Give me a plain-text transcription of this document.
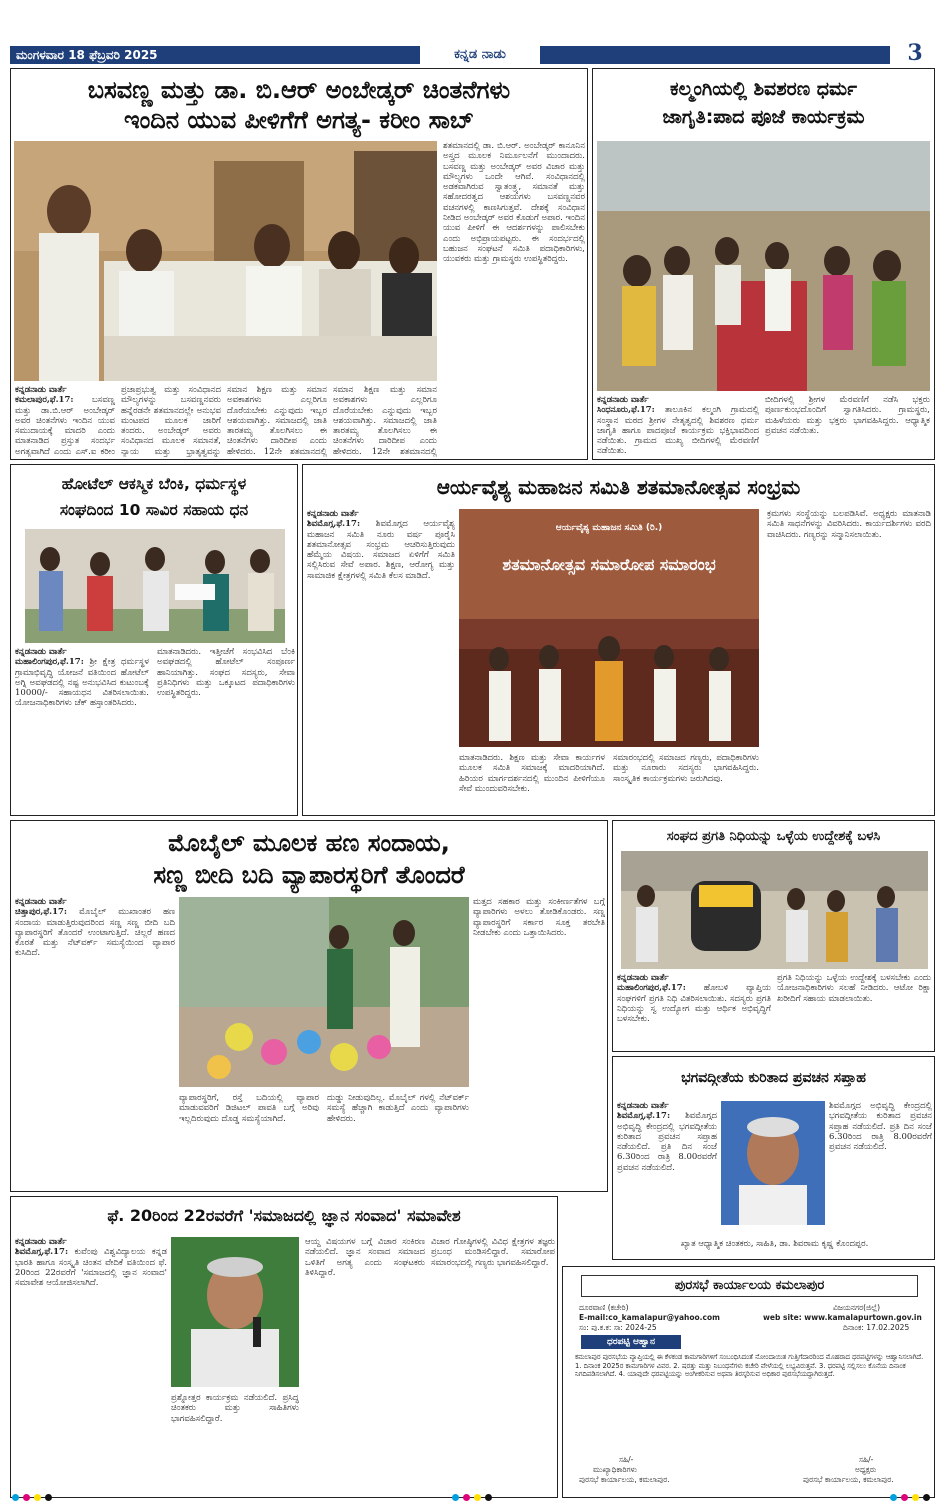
ಮಂಗಳವಾರ 18 ಫೆಬ್ರವರಿ 2025	ಕನ್ನಡ ನಾಡು	3
ಬಸವಣ್ಣ ಮತ್ತು ಡಾ. ಬಿ.ಆರ್ ಅಂಬೇಡ್ಕರ್ ಚಿಂತನೆಗಳು
ಇಂದಿನ ಯುವ ಪೀಳಿಗೆಗೆ ಅಗತ್ಯ- ಕರೀಂ ಸಾಬ್
ಕನ್ನಡನಾಡು ವಾರ್ತೆ
ಕಮಲಾಪುರ,ಫೆ.17: ಬಸವಣ್ಣ ಮತ್ತು ಡಾ.ಬಿ.ಆರ್ ಅಂಬೇಡ್ಕರ್ ಅವರ ಚಿಂತನೆಗಳು ಇಂದಿನ ಯುವ ಸಮುದಾಯಕ್ಕೆ ಮಾದರಿ ಎಂದು ಮಾತನಾಡಿದ ಪ್ರಸ್ತುತ ಸಂದರ್ಭ ಅಗತ್ಯವಾಗಿದೆ ಎಂದು ಎಸ್.ಐ ಕರೀಂ
ಪ್ರಜಾಪ್ರಭುತ್ವ ಮತ್ತು ಸಂವಿಧಾನದ ಮೌಲ್ಯಗಳನ್ನು ಬಸವಣ್ಣನವರು ಹನ್ನೆರಡನೇ ಶತಮಾನದಲ್ಲೇ ಅನುಭವ ಮಂಟಪದ ಮೂಲಕ ಜಾರಿಗೆ ತಂದರು. ಅಂಬೇಡ್ಕರ್ ಅವರು ಸಂವಿಧಾನದ ಮೂಲಕ ಸಮಾನತೆ, ನ್ಯಾಯ ಮತ್ತು ಭ್ರಾತೃತ್ವವನ್ನು
ಸಮಾನ ಶಿಕ್ಷಣ ಮತ್ತು ಸಮಾನ ಅವಕಾಶಗಳು ಎಲ್ಲರಿಗೂ ದೊರೆಯಬೇಕು ಎನ್ನುವುದು ಇಬ್ಬರ ಆಶಯವಾಗಿತ್ತು. ಸಮಾಜದಲ್ಲಿ ಜಾತಿ ತಾರತಮ್ಯ ತೊಲಗಿಸಲು ಈ ಚಿಂತನೆಗಳು ದಾರಿದೀಪ ಎಂದು ಹೇಳಿದರು. 12ನೇ ಶತಮಾನದಲ್ಲಿ
ಸಮಾನ ಶಿಕ್ಷಣ ಮತ್ತು ಸಮಾನ ಅವಕಾಶಗಳು ಎಲ್ಲರಿಗೂ ದೊರೆಯಬೇಕು ಎನ್ನುವುದು ಇಬ್ಬರ ಆಶಯವಾಗಿತ್ತು. ಸಮಾಜದಲ್ಲಿ ಜಾತಿ ತಾರತಮ್ಯ ತೊಲಗಿಸಲು ಈ ಚಿಂತನೆಗಳು ದಾರಿದೀಪ ಎಂದು ಹೇಳಿದರು. 12ನೇ ಶತಮಾನದಲ್ಲಿ
ಶತಮಾನದಲ್ಲಿ ಡಾ. ಬಿ.ಆರ್. ಅಂಬೇಡ್ಕರ್ ಕಾನೂನಿನ ಅಸ್ತ್ರದ ಮೂಲಕ ನಿರ್ಮೂಲನೆಗೆ ಮುಂದಾದರು. ಬಸವಣ್ಣ ಮತ್ತು ಅಂಬೇಡ್ಕರ್ ಅವರ ವಿಚಾರ ಮತ್ತು ಮೌಲ್ಯಗಳು ಒಂದೇ ಆಗಿವೆ. ಸಂವಿಧಾನದಲ್ಲಿ ಅಡಕವಾಗಿರುವ ಸ್ವಾತಂತ್ರ್ಯ, ಸಮಾನತೆ ಮತ್ತು ಸಹೋದರತ್ವದ ಆಶಯಗಳು ಬಸವಣ್ಣನವರ ವಚನಗಳಲ್ಲಿ ಕಾಣಸಿಗುತ್ತವೆ. ದೇಶಕ್ಕೆ ಸಂವಿಧಾನ ನೀಡಿದ ಅಂಬೇಡ್ಕರ್ ಅವರ ಕೊಡುಗೆ ಅಪಾರ. ಇಂದಿನ ಯುವ ಪೀಳಿಗೆ ಈ ಆದರ್ಶಗಳನ್ನು ಪಾಲಿಸಬೇಕು ಎಂದು ಅಭಿಪ್ರಾಯಪಟ್ಟರು. ಈ ಸಂದರ್ಭದಲ್ಲಿ ಬಹುಜನ ಸಂಘಟನೆ ಸಮಿತಿ ಪದಾಧಿಕಾರಿಗಳು, ಯುವಕರು ಮತ್ತು ಗ್ರಾಮಸ್ಥರು ಉಪಸ್ಥಿತರಿದ್ದರು.
ಕಲ್ಮಂಗಿಯಲ್ಲಿ ಶಿವಶರಣ ಧರ್ಮ
ಜಾಗೃತಿ:ಪಾದ ಪೂಜೆ ಕಾರ್ಯಕ್ರಮ
ಕನ್ನಡನಾಡು ವಾರ್ತೆ
ಸಿಂಧನೂರು,ಫೆ.17: ತಾಲೂಕಿನ ಕಲ್ಮಂಗಿ ಗ್ರಾಮದಲ್ಲಿ ಸಂಸ್ಥಾನ ಮಠದ ಶ್ರೀಗಳ ನೇತೃತ್ವದಲ್ಲಿ ಶಿವಶರಣ ಧರ್ಮ ಜಾಗೃತಿ ಹಾಗೂ ಪಾದಪೂಜೆ ಕಾರ್ಯಕ್ರಮ ಭಕ್ತಿಭಾವದಿಂದ ನಡೆಯಿತು. ಗ್ರಾಮದ ಮುಖ್ಯ ಬೀದಿಗಳಲ್ಲಿ ಮೆರವಣಿಗೆ ನಡೆಯಿತು.
ಬೀದಿಗಳಲ್ಲಿ ಶ್ರೀಗಳ ಮೆರವಣಿಗೆ ನಡೆಸಿ ಭಕ್ತರು ಪೂರ್ಣಕುಂಭದೊಂದಿಗೆ ಸ್ವಾಗತಿಸಿದರು. ಗ್ರಾಮಸ್ಥರು, ಮಹಿಳೆಯರು ಮತ್ತು ಭಕ್ತರು ಭಾಗವಹಿಸಿದ್ದರು. ಆಧ್ಯಾತ್ಮಿಕ ಪ್ರವಚನ ನಡೆಯಿತು.
ಹೋಟೆಲ್ ಆಕಸ್ಮಿಕ ಬೆಂಕಿ, ಧರ್ಮಸ್ಥಳ
ಸಂಘದಿಂದ 10 ಸಾವಿರ ಸಹಾಯ ಧನ
ಕನ್ನಡನಾಡು ವಾರ್ತೆ
ಮಹಾಲಿಂಗಪುರ,ಫೆ.17: ಶ್ರೀ ಕ್ಷೇತ್ರ ಧರ್ಮಸ್ಥಳ ಗ್ರಾಮಾಭಿವೃದ್ಧಿ ಯೋಜನೆ ವತಿಯಿಂದ ಹೋಟೆಲ್ ಅಗ್ನಿ ಅವಘಡದಲ್ಲಿ ನಷ್ಟ ಅನುಭವಿಸಿದ ಕುಟುಂಬಕ್ಕೆ 10000/- ಸಹಾಯಧನ ವಿತರಿಸಲಾಯಿತು. ಯೋಜನಾಧಿಕಾರಿಗಳು ಚೆಕ್ ಹಸ್ತಾಂತರಿಸಿದರು.
ಮಾತನಾಡಿದರು. ಇತ್ತೀಚೆಗೆ ಸಂಭವಿಸಿದ ಬೆಂಕಿ ಅವಘಡದಲ್ಲಿ ಹೋಟೆಲ್ ಸಂಪೂರ್ಣ ಹಾನಿಯಾಗಿತ್ತು. ಸಂಘದ ಸದಸ್ಯರು, ಸೇವಾ ಪ್ರತಿನಿಧಿಗಳು ಮತ್ತು ಒಕ್ಕೂಟದ ಪದಾಧಿಕಾರಿಗಳು ಉಪಸ್ಥಿತರಿದ್ದರು.
ಆರ್ಯವೈಶ್ಯ ಮಹಾಜನ ಸಮಿತಿ ಶತಮಾನೋತ್ಸವ ಸಂಭ್ರಮ
ಕನ್ನಡನಾಡು ವಾರ್ತೆ
ಶಿವಮೊಗ್ಗ,ಫೆ.17: ಶಿವಮೊಗ್ಗದ ಆರ್ಯವೈಶ್ಯ ಮಹಾಜನ ಸಮಿತಿ ನೂರು ವರ್ಷ ಪೂರೈಸಿ ಶತಮಾನೋತ್ಸವ ಸಂಭ್ರಮ ಆಚರಿಸುತ್ತಿರುವುದು ಹೆಮ್ಮೆಯ ವಿಷಯ. ಸಮಾಜದ ಏಳಿಗೆಗೆ ಸಮಿತಿ ಸಲ್ಲಿಸಿರುವ ಸೇವೆ ಅಪಾರ. ಶಿಕ್ಷಣ, ಆರೋಗ್ಯ ಮತ್ತು ಸಾಮಾಜಿಕ ಕ್ಷೇತ್ರಗಳಲ್ಲಿ ಸಮಿತಿ ಕೆಲಸ ಮಾಡಿದೆ.
ಆರ್ಯವೈಶ್ಯ ಮಹಾಜನ ಸಮಿತಿ (ರಿ.)
ಶತಮಾನೋತ್ಸವ ಸಮಾರೋಪ ಸಮಾರಂಭ
ಮಾತನಾಡಿದರು. ಶಿಕ್ಷಣ ಮತ್ತು ಸೇವಾ ಕಾರ್ಯಗಳ ಮೂಲಕ ಸಮಿತಿ ಸಮಾಜಕ್ಕೆ ಮಾದರಿಯಾಗಿದೆ. ಹಿರಿಯರ ಮಾರ್ಗದರ್ಶನದಲ್ಲಿ ಮುಂದಿನ ಪೀಳಿಗೆಯೂ ಸೇವೆ ಮುಂದುವರಿಸಬೇಕು.
ಸಮಾರಂಭದಲ್ಲಿ ಸಮಾಜದ ಗಣ್ಯರು, ಪದಾಧಿಕಾರಿಗಳು ಮತ್ತು ನೂರಾರು ಸದಸ್ಯರು ಭಾಗವಹಿಸಿದ್ದರು. ಸಾಂಸ್ಕೃತಿಕ ಕಾರ್ಯಕ್ರಮಗಳು ಜರುಗಿದವು.
ಕ್ರಮಗಳು ಸಂಸ್ಥೆಯನ್ನು ಬಲಪಡಿಸಿವೆ. ಅಧ್ಯಕ್ಷರು ಮಾತನಾಡಿ ಸಮಿತಿ ಸಾಧನೆಗಳನ್ನು ವಿವರಿಸಿದರು. ಕಾರ್ಯದರ್ಶಿಗಳು ವರದಿ ವಾಚಿಸಿದರು. ಗಣ್ಯರನ್ನು ಸನ್ಮಾನಿಸಲಾಯಿತು.
ಮೊಬೈಲ್ ಮೂಲಕ ಹಣ ಸಂದಾಯ,
ಸಣ್ಣ ಬೀದಿ ಬದಿ ವ್ಯಾಪಾರಸ್ಥರಿಗೆ ತೊಂದರೆ
ಕನ್ನಡನಾಡು ವಾರ್ತೆ
ಚಿತ್ತಾಪುರ,ಫೆ.17: ಮೊಬೈಲ್ ಮುಖಾಂತರ ಹಣ ಸಂದಾಯ ಮಾಡುತ್ತಿರುವುದರಿಂದ ಸಣ್ಣ ಸಣ್ಣ ಬೀದಿ ಬದಿ ವ್ಯಾಪಾರಸ್ಥರಿಗೆ ತೊಂದರೆ ಉಂಟಾಗುತ್ತಿದೆ. ಚಿಲ್ಲರೆ ಹಣದ ಕೊರತೆ ಮತ್ತು ನೆಟ್‌ವರ್ಕ್ ಸಮಸ್ಯೆಯಿಂದ ವ್ಯಾಪಾರ ಕುಸಿದಿದೆ.
ವ್ಯಾಪಾರಸ್ಥರಿಗೆ, ರಸ್ತೆ ಬದಿಯಲ್ಲಿ ವ್ಯಾಪಾರ ಮಾಡುವವರಿಗೆ ಡಿಜಿಟಲ್ ಪಾವತಿ ಬಗ್ಗೆ ಅರಿವು ಇಲ್ಲದಿರುವುದು ದೊಡ್ಡ ಸಮಸ್ಯೆಯಾಗಿದೆ.
ದುಡ್ಡು ನೀಡುವುದಿಲ್ಲ. ಮೊಬೈಲ್ ಗಳಲ್ಲಿ ನೆಟ್‌ವರ್ಕ್ ಸಮಸ್ಯೆ ಹೆಚ್ಚಾಗಿ ಕಾಡುತ್ತಿದೆ ಎಂದು ವ್ಯಾಪಾರಿಗಳು ಹೇಳಿದರು.
ಮತ್ತದ ಸಹಕಾರ ಮತ್ತು ಸಂಕೀರ್ಣತೆಗಳ ಬಗ್ಗೆ ವ್ಯಾಪಾರಿಗಳು ಅಳಲು ತೋಡಿಕೊಂಡರು. ಸಣ್ಣ ವ್ಯಾಪಾರಸ್ಥರಿಗೆ ಸರ್ಕಾರ ಸೂಕ್ತ ತರಬೇತಿ ನೀಡಬೇಕು ಎಂದು ಒತ್ತಾಯಿಸಿದರು.
ಸಂಘದ ಪ್ರಗತಿ ನಿಧಿಯನ್ನು ಒಳ್ಳೆಯ ಉದ್ದೇಶಕ್ಕೆ ಬಳಸಿ
ಕನ್ನಡನಾಡು ವಾರ್ತೆ
ಮಹಾಲಿಂಗಪುರ,ಫೆ.17: ಹೋಬಳಿ ವ್ಯಾಪ್ತಿಯ ಸಂಘಗಳಿಗೆ ಪ್ರಗತಿ ನಿಧಿ ವಿತರಿಸಲಾಯಿತು. ಸದಸ್ಯರು ಪ್ರಗತಿ ನಿಧಿಯನ್ನು ಸ್ವ ಉದ್ಯೋಗ ಮತ್ತು ಆರ್ಥಿಕ ಅಭಿವೃದ್ಧಿಗೆ ಬಳಸಬೇಕು.
ಪ್ರಗತಿ ನಿಧಿಯನ್ನು ಒಳ್ಳೆಯ ಉದ್ದೇಶಕ್ಕೆ ಬಳಸಬೇಕು ಎಂದು ಯೋಜನಾಧಿಕಾರಿಗಳು ಸಲಹೆ ನೀಡಿದರು. ಆಟೋ ರಿಕ್ಷಾ ಖರೀದಿಗೆ ಸಹಾಯ ಮಾಡಲಾಯಿತು.
ಭಗವದ್ಗೀತೆಯ ಕುರಿತಾದ ಪ್ರವಚನ ಸಪ್ತಾಹ
ಕನ್ನಡನಾಡು ವಾರ್ತೆ
ಶಿವಮೊಗ್ಗ,ಫೆ.17: ಶಿವಮೊಗ್ಗದ ಅಭಿವೃದ್ಧಿ ಕೇಂದ್ರದಲ್ಲಿ ಭಗವದ್ಗೀತೆಯ ಕುರಿತಾದ ಪ್ರವಚನ ಸಪ್ತಾಹ ನಡೆಯಲಿದೆ. ಪ್ರತಿ ದಿನ ಸಂಜೆ 6.30ರಿಂದ ರಾತ್ರಿ 8.00ರವರೆಗೆ ಪ್ರವಚನ ನಡೆಯಲಿದೆ.
ಶಿವಮೊಗ್ಗದ ಅಭಿವೃದ್ಧಿ ಕೇಂದ್ರದಲ್ಲಿ ಭಗವದ್ಗೀತೆಯ ಕುರಿತಾದ ಪ್ರವಚನ ಸಪ್ತಾಹ ನಡೆಯಲಿದೆ. ಪ್ರತಿ ದಿನ ಸಂಜೆ 6.30ರಿಂದ ರಾತ್ರಿ 8.00ರವರೆಗೆ ಪ್ರವಚನ ನಡೆಯಲಿದೆ.
ಖ್ಯಾತ ಆಧ್ಯಾತ್ಮಿಕ ಚಿಂತಕರು, ಸಾಹಿತಿ, ಡಾ. ಶಿವರಾಮ ಕೃಷ್ಣ ಕೊಂದಪ್ಪರ.
ಫೆ. 20ರಿಂದ 22ರವರೆಗೆ 'ಸಮಾಜದಲ್ಲಿ ಜ್ಞಾನ ಸಂವಾದ' ಸಮಾವೇಶ
ಕನ್ನಡನಾಡು ವಾರ್ತೆ
ಶಿವಮೊಗ್ಗ,ಫೆ.17: ಕುವೆಂಪು ವಿಶ್ವವಿದ್ಯಾಲಯ ಕನ್ನಡ ಭಾರತಿ ಹಾಗೂ ಸಂಸ್ಕೃತಿ ಚಿಂತನ ವೇದಿಕೆ ವತಿಯಿಂದ ಫೆ. 20ರಿಂದ 22ರವರೆಗೆ 'ಸಮಾಜದಲ್ಲಿ ಜ್ಞಾನ ಸಂವಾದ' ಸಮಾವೇಶ ಆಯೋಜಿಸಲಾಗಿದೆ.
ಪ್ರಶ್ನೋತ್ತರ ಕಾರ್ಯಕ್ರಮ ನಡೆಯಲಿದೆ. ಪ್ರಸಿದ್ಧ ಚಿಂತಕರು ಮತ್ತು ಸಾಹಿತಿಗಳು ಭಾಗವಹಿಸಲಿದ್ದಾರೆ.
ಆಯ್ದ ವಿಷಯಗಳ ಬಗ್ಗೆ ವಿಚಾರ ಸಂಕಿರಣ ನಡೆಯಲಿದೆ. ಜ್ಞಾನ ಸಂವಾದ ಸಮಾಜದ ಒಳಿತಿಗೆ ಅಗತ್ಯ ಎಂದು ಸಂಘಟಕರು ತಿಳಿಸಿದ್ದಾರೆ.
ವಿಚಾರ ಗೋಷ್ಠಿಗಳಲ್ಲಿ ವಿವಿಧ ಕ್ಷೇತ್ರಗಳ ತಜ್ಞರು ಪ್ರಬಂಧ ಮಂಡಿಸಲಿದ್ದಾರೆ. ಸಮಾರೋಪ ಸಮಾರಂಭದಲ್ಲಿ ಗಣ್ಯರು ಭಾಗವಹಿಸಲಿದ್ದಾರೆ.
ಪುರಸಭೆ ಕಾರ್ಯಾಲಯ ಕಮಲಾಪುರ
ದೂರವಾಣಿ (ಕಚೇರಿ)	ವಿಜಯನಗರ(ಜಿಲ್ಲೆ)
E-mail:co_kamalapur@yahoo.com	web site: www.kamalapurtown.gov.in
ಸಂ: ಪು.ಕ.ಕ: ಸಾ: 2024-25	ದಿನಾಂಕ: 17.02.2025
ಧರಪಟ್ಟಿ ಆಹ್ವಾನ
ಕಮಲಾಪುರ ಪುರಸಭೆಯ ವ್ಯಾಪ್ತಿಯಲ್ಲಿ ಈ ಕೆಳಕಂಡ ಕಾಮಗಾರಿಗಳಿಗೆ ಸಂಬಂಧಿಸಿದಂತೆ ನೋಂದಾಯಿತ ಗುತ್ತಿಗೆದಾರರಿಂದ ಮೊಹರಾದ ಧರಪಟ್ಟಿಗಳನ್ನು ಆಹ್ವಾನಿಸಲಾಗಿದೆ. 1. ದಿನಾಂಕ 2025ರ ಕಾಮಗಾರಿಗಳ ವಿವರ. 2. ಷರತ್ತು ಮತ್ತು ನಿಬಂಧನೆಗಳು ಕಚೇರಿ ವೇಳೆಯಲ್ಲಿ ಲಭ್ಯವಿರುತ್ತವೆ. 3. ಧರಪಟ್ಟಿ ಸಲ್ಲಿಸಲು ಕೊನೆಯ ದಿನಾಂಕ ನಿಗದಿಪಡಿಸಲಾಗಿದೆ. 4. ಯಾವುದೇ ಧರಪಟ್ಟಿಯನ್ನು ಅಂಗೀಕರಿಸುವ ಅಥವಾ ತಿರಸ್ಕರಿಸುವ ಅಧಿಕಾರ ಪುರಸಭೆಯದ್ದಾಗಿರುತ್ತದೆ.
ಸಹಿ/-
ಮುಖ್ಯಾಧಿಕಾರಿಗಳು
ಪುರಸಭೆ ಕಾರ್ಯಾಲಯ, ಕಮಲಾಪುರ.
ಸಹಿ/-
ಅಧ್ಯಕ್ಷರು
ಪುರಸಭೆ ಕಾರ್ಯಾಲಯ, ಕಮಲಾಪುರ.
